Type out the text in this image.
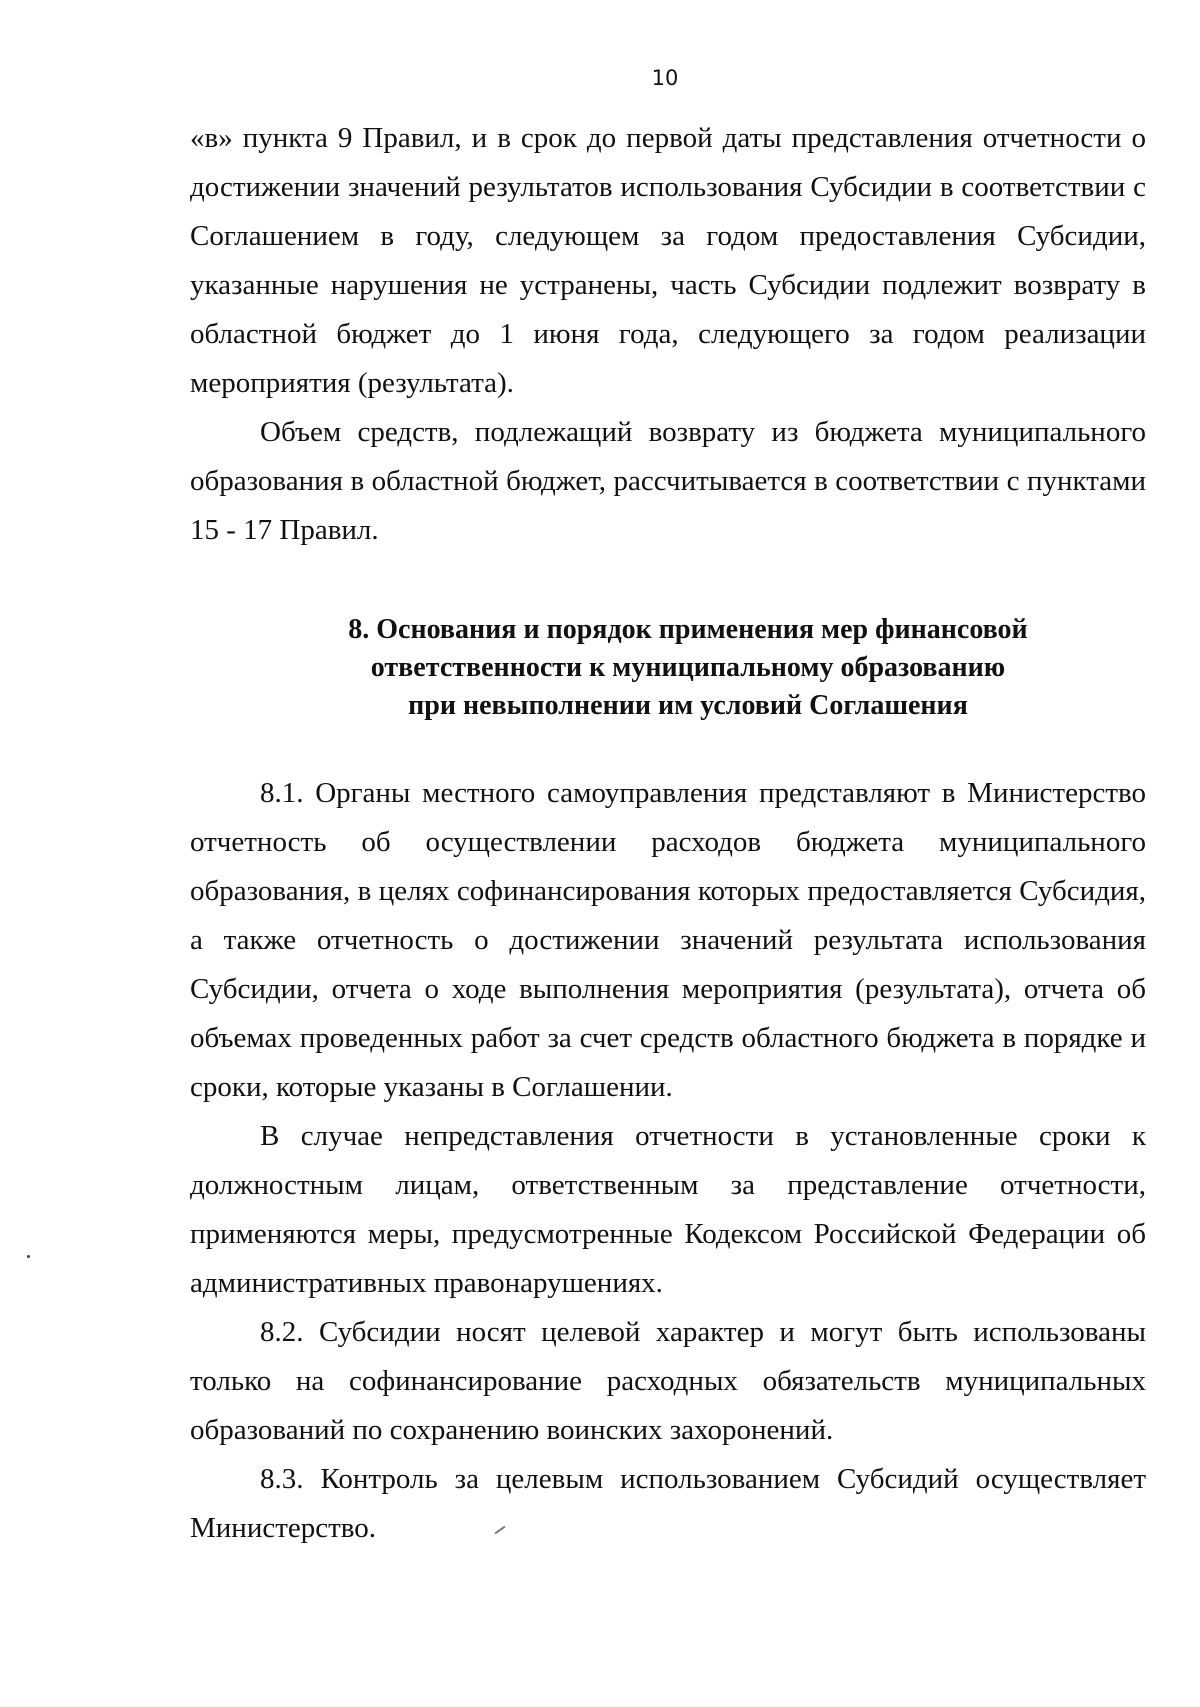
10

«в» пункта 9 Правил, и в срок до первой даты представления отчетности о достижении значений результатов использования Субсидии в соответствии с Соглашением в году, следующем за годом предоставления Субсидии, указанные нарушения не устранены, часть Субсидии подлежит возврату в областной бюджет до 1 июня года, следующего за годом реализации мероприятия (результата).

Объем средств, подлежащий возврату из бюджета муниципального образования в областной бюджет, рассчитывается в соответствии с пунктами 15 - 17 Правил.

8. Основания и порядок применения мер финансовой

ответственности к муниципальному образованию

при невыполнении им условий Соглашения

8.1. Органы местного самоуправления представляют в Министерство отчетность об осуществлении расходов бюджета муниципального образования, в целях софинансирования которых предоставляется Субсидия, а также отчетность о достижении значений результата использования Субсидии, отчета о ходе выполнения мероприятия (результата), отчета об объемах проведенных работ за счет средств областного бюджета в порядке и сроки, которые указаны в Соглашении.

В случае непредставления отчетности в установленные сроки к должностным лицам, ответственным за представление отчетности, применяются меры, предусмотренные Кодексом Российской Федерации об административных правонарушениях.

8.2. Субсидии носят целевой характер и могут быть использованы только на софинансирование расходных обязательств муниципальных образований по сохранению воинских захоронений.

8.3. Контроль за целевым использованием Субсидий осуществляет Министерство.
